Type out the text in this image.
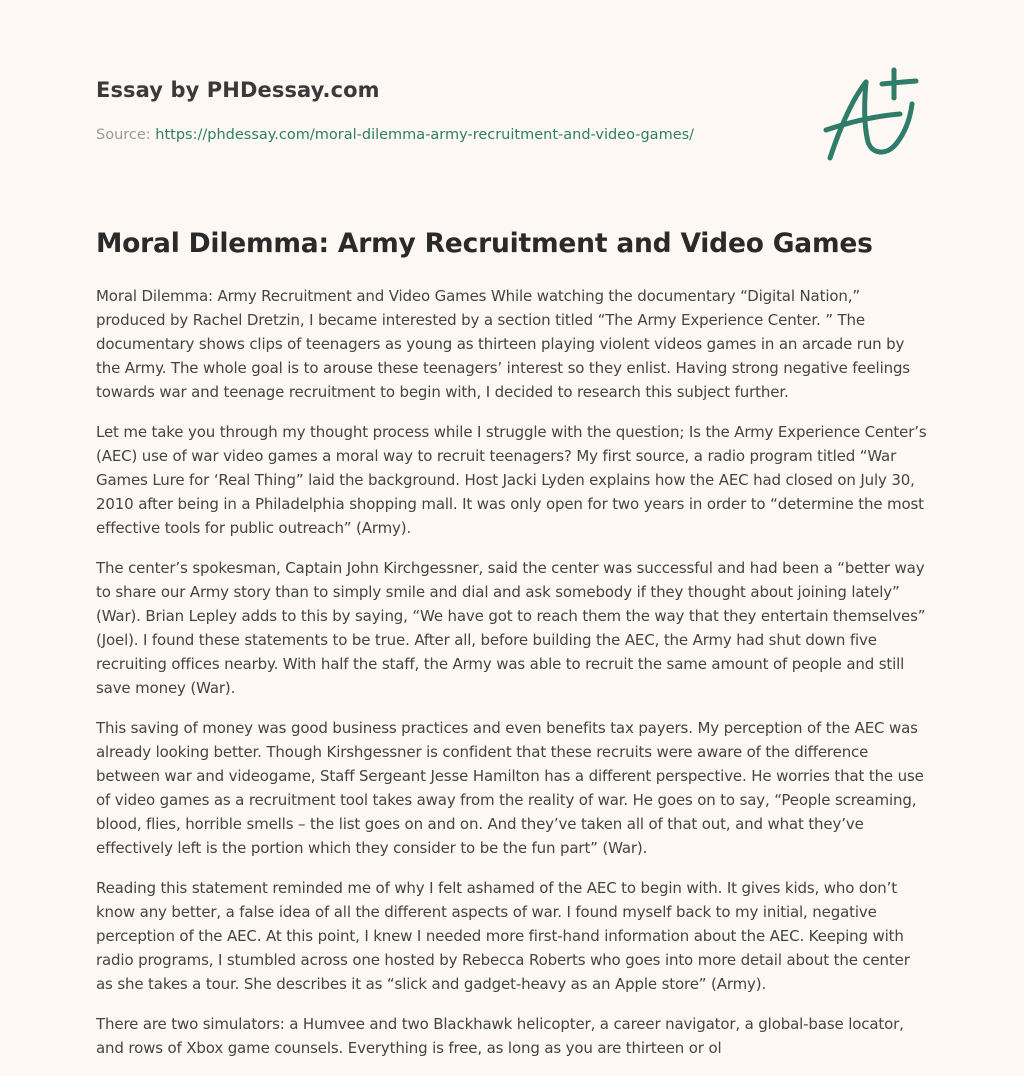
Essay by PHDessay.com
Source: https://phdessay.com/moral-dilemma-army-recruitment-and-video-games/
Moral Dilemma: Army Recruitment and Video Games

Moral Dilemma: Army Recruitment and Video Games While watching the documentary “Digital Nation,” produced by Rachel Dretzin, I became interested by a section titled “The Army Experience Center. ” The documentary shows clips of teenagers as young as thirteen playing violent videos games in an arcade run by the Army. The whole goal is to arouse these teenagers’ interest so they enlist. Having strong negative feelings towards war and teenage recruitment to begin with, I decided to research this subject further.

Let me take you through my thought process while I struggle with the question; Is the Army Experience Center’s (AEC) use of war video games a moral way to recruit teenagers? My first source, a radio program titled “War Games Lure for ‘Real Thing” laid the background. Host Jacki Lyden explains how the AEC had closed on July 30, 2010 after being in a Philadelphia shopping mall. It was only open for two years in order to “determine the most effective tools for public outreach” (Army).

The center’s spokesman, Captain John Kirchgessner, said the center was successful and had been a “better way to share our Army story than to simply smile and dial and ask somebody if they thought about joining lately” (War). Brian Lepley adds to this by saying, “We have got to reach them the way that they entertain themselves” (Joel). I found these statements to be true. After all, before building the AEC, the Army had shut down five recruiting offices nearby. With half the staff, the Army was able to recruit the same amount of people and still save money (War).

This saving of money was good business practices and even benefits tax payers. My perception of the AEC was already looking better. Though Kirshgessner is confident that these recruits were aware of the difference between war and videogame, Staff Sergeant Jesse Hamilton has a different perspective. He worries that the use of video games as a recruitment tool takes away from the reality of war. He goes on to say, “People screaming, blood, flies, horrible smells – the list goes on and on. And they’ve taken all of that out, and what they’ve effectively left is the portion which they consider to be the fun part” (War).

Reading this statement reminded me of why I felt ashamed of the AEC to begin with. It gives kids, who don’t know any better, a false idea of all the different aspects of war. I found myself back to my initial, negative perception of the AEC. At this point, I knew I needed more first-hand information about the AEC. Keeping with radio programs, I stumbled across one hosted by Rebecca Roberts who goes into more detail about the center as she takes a tour. She describes it as “slick and gadget-heavy as an Apple store” (Army).

There are two simulators: a Humvee and two Blackhawk helicopter, a career navigator, a global-base locator, and rows of Xbox game counsels. Everything is free, as long as you are thirteen or ol
